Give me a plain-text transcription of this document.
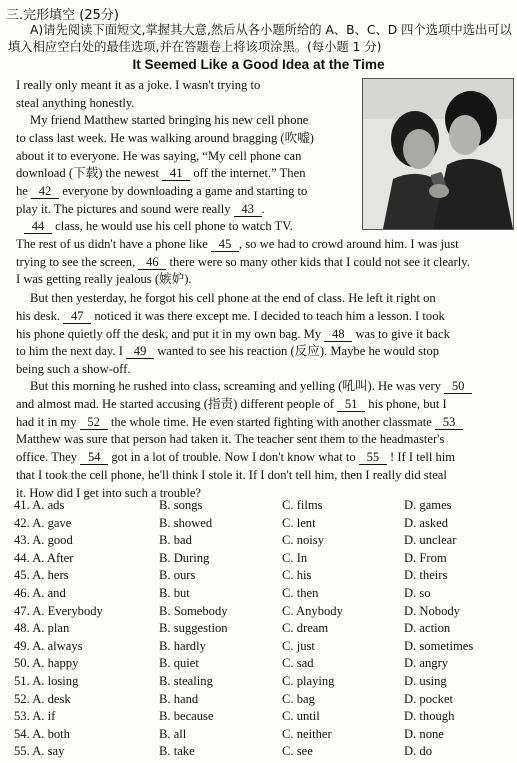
三.完形填空 (25分)
A)请先阅读下面短文,掌握其大意,然后从各小题所给的 A、B、C、D 四个选项中选出可以
填入相应空白处的最佳选项,并在答题卷上将该项涂黑。(每小题 1 分)
It Seemed Like a Good Idea at the Time
I really only meant it as a joke. I wasn't trying to
steal anything honestly.
My friend Matthew started bringing his new cell phone
to class last week. He was walking around bragging (吹嘘)
about it to everyone. He was saying, “My cell phone can
download (下载) the newest 41 off the internet.” Then
he 42 everyone by downloading a game and starting to
play it. The pictures and sound were really 43 .
44 class, he would use his cell phone to watch TV.
The rest of us didn't have a phone like 45 , so we had to crowd around him. I was just
trying to see the screen, 46 there were so many other kids that I could not see it clearly.
I was getting really jealous (嫉妒).
But then yesterday, he forgot his cell phone at the end of class. He left it right on
his desk. 47 noticed it was there except me. I decided to teach him a lesson. I took
his phone quietly off the desk, and put it in my own bag. My 48 was to give it back
to him the next day. I 49 wanted to see his reaction (反应). Maybe he would stop
being such a show-off.
But this morning he rushed into class, screaming and yelling (吼叫). He was very 50
and almost mad. He started accusing (指责) different people of 51 his phone, but I
had it in my 52 the whole time. He even started fighting with another classmate 53
Matthew was sure that person had taken it. The teacher sent them to the headmaster's
office. They 54 got in a lot of trouble. Now I don't know what to 55 ! If I tell him
that I took the cell phone, he'll think I stole it. If I don't tell him, then I really did steal
it. How did I get into such a trouble?
41. A. ads	B. songs	C. films	D. games
42. A. gave	B. showed	C. lent	D. asked
43. A. good	B. bad	C. noisy	D. unclear
44. A. After	B. During	C. In	D. From
45. A. hers	B. ours	C. his	D. theirs
46. A. and	B. but	C. then	D. so
47. A. Everybody	B. Somebody	C. Anybody	D. Nobody
48. A. plan	B. suggestion	C. dream	D. action
49. A. always	B. hardly	C. just	D. sometimes
50. A. happy	B. quiet	C. sad	D. angry
51. A. losing	B. stealing	C. playing	D. using
52. A. desk	B. hand	C. bag	D. pocket
53. A. if	B. because	C. until	D. though
54. A. both	B. all	C. neither	D. none
55. A. say	B. take	C. see	D. do
